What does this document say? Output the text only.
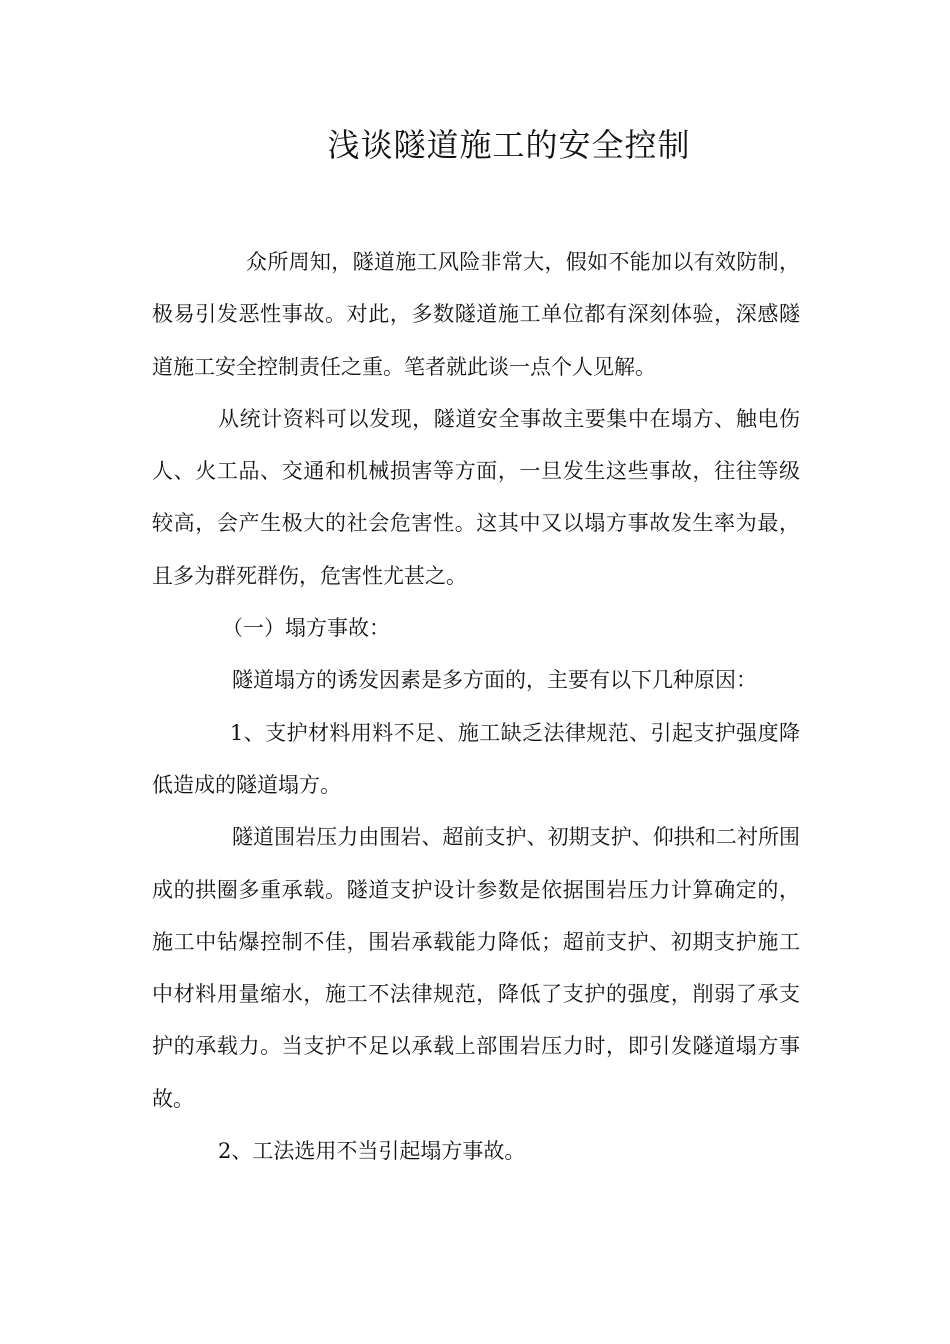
浅谈隧道施工的安全控制

众所周知，隧道施工风险非常大，假如不能加以有效防制，极易引发恶性事故。对此，多数隧道施工单位都有深刻体验，深感隧道施工安全控制责任之重。笔者就此谈一点个人见解。

从统计资料可以发现，隧道安全事故主要集中在塌方、触电伤人、火工品、交通和机械损害等方面，一旦发生这些事故，往往等级较高，会产生极大的社会危害性。这其中又以塌方事故发生率为最，且多为群死群伤，危害性尤甚之。

（一）塌方事故：

隧道塌方的诱发因素是多方面的，主要有以下几种原因：

1、支护材料用料不足、施工缺乏法律规范、引起支护强度降低造成的隧道塌方。

隧道围岩压力由围岩、超前支护、初期支护、仰拱和二衬所围成的拱圈多重承载。隧道支护设计参数是依据围岩压力计算确定的，施工中钻爆控制不佳，围岩承载能力降低；超前支护、初期支护施工中材料用量缩水，施工不法律规范，降低了支护的强度，削弱了承支护的承载力。当支护不足以承载上部围岩压力时，即引发隧道塌方事故。

2、工法选用不当引起塌方事故。
